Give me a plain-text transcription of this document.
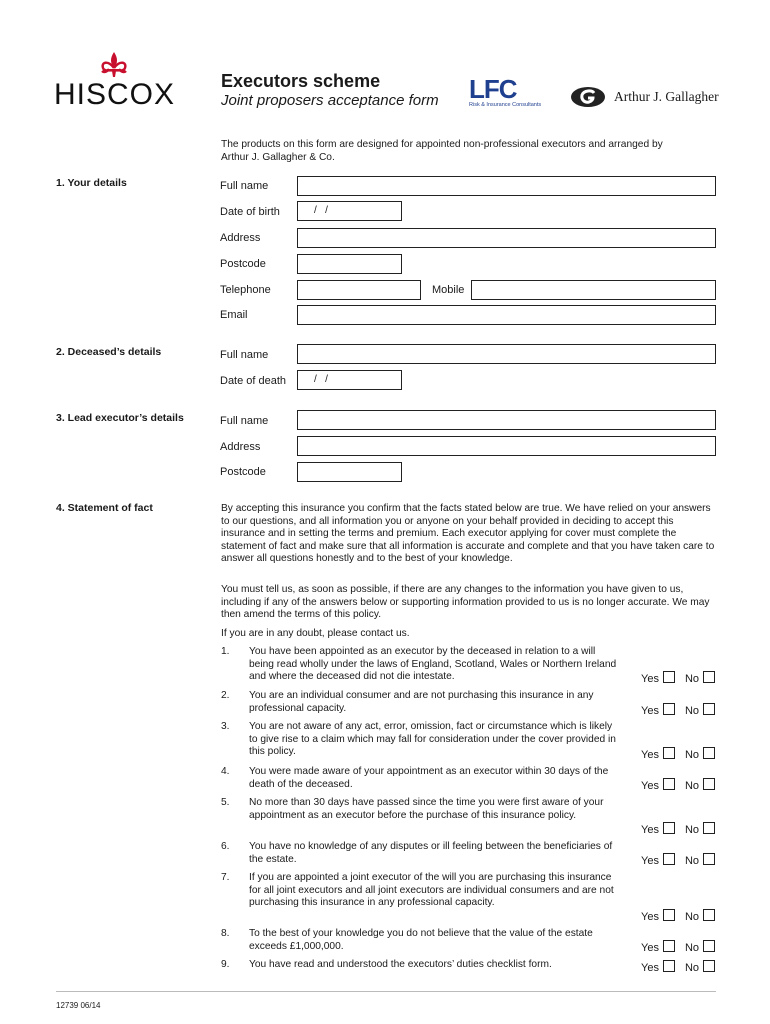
HISCOX	Executors scheme
Joint proposers acceptance form LFC
Risk & Insurance Consultants
Arthur J. Gallagher
The products on this form are designed for appointed non-professional executors and arranged by Arthur J. Gallagher & Co.
1. Your details	Full name
Date of birth	/   /
Address
Postcode
Telephone	Mobile
Email
2. Deceased’s details	Full name
Date of death	/   /
3. Lead executor’s details	Full name
Address
Postcode
4. Statement of fact	By accepting this insurance you confirm that the facts stated below are true. We have relied on your answers to our questions, and all information you or anyone on your behalf provided in deciding to accept this insurance and in setting the terms and premium. Each executor applying for cover must complete the statement of fact and make sure that all information is accurate and complete and that you have taken care to answer all questions honestly and to the best of your knowledge.
You must tell us, as soon as possible, if there are any changes to the information you have given to us, including if any of the answers below or supporting information provided to us is no longer accurate. We may then amend the terms of this policy.
If you are in any doubt, please contact us.
1. You have been appointed as an executor by the deceased in relation to a will being read wholly under the laws of England, Scotland, Wales or Northern Ireland and where the deceased did not die intestate.	Yes No
2. You are an individual consumer and are not purchasing this insurance in any professional capacity.	Yes No
3. You are not aware of any act, error, omission, fact or circumstance which is likely to give rise to a claim which may fall for consideration under the cover provided in this policy.	Yes No
4. You were made aware of your appointment as an executor within 30 days of the death of the deceased.	Yes No
5. No more than 30 days have passed since the time you were first aware of your appointment as an executor before the purchase of this insurance policy.
Yes No
6. You have no knowledge of any disputes or ill feeling between the beneficiaries of the estate.	Yes No
7. If you are appointed a joint executor of the will you are purchasing this insurance for all joint executors and all joint executors are individual consumers and are not purchasing this insurance in any professional capacity.
Yes No
8. To the best of your knowledge you do not believe that the value of the estate exceeds £1,000,000.	Yes No
9. You have read and understood the executors’ duties checklist form.	Yes No
12739 06/14
